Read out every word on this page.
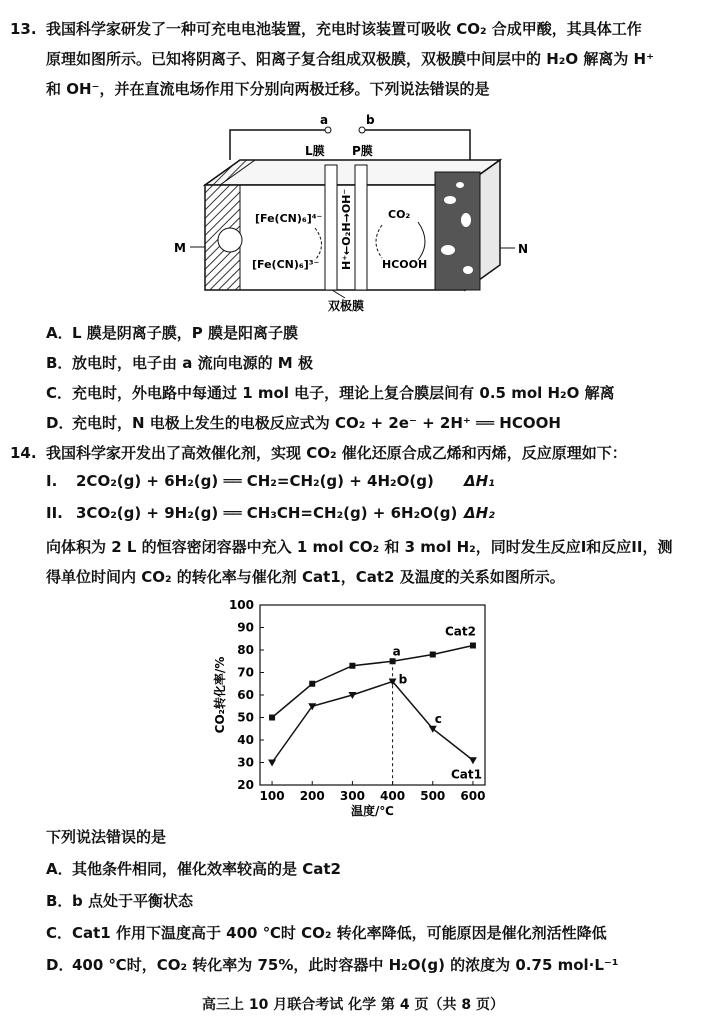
13. 我国科学家研发了一种可充电电池装置，充电时该装置可吸收 CO₂ 合成甲酸，其具体工作
原理如图所示。已知将阴离子、阳离子复合组成双极膜，双极膜中间层中的 H₂O 解离为 H⁺
和 OH⁻，并在直流电场作用下分别向两极迁移。下列说法错误的是
a	b
L膜 P膜
H⁺←O₂H→OH⁻
[Fe(CN)₆]⁴⁻
[Fe(CN)₆]³⁻
CO₂
HCOOH
M	N
双极膜
A．L 膜是阴离子膜，P 膜是阳离子膜
B．放电时，电子由 a 流向电源的 M 极
C．充电时，外电路中每通过 1 mol 电子，理论上复合膜层间有 0.5 mol H₂O 解离
D．充电时，N 电极上发生的电极反应式为 CO₂ + 2e⁻ + 2H⁺ ══ HCOOH
14. 我国科学家开发出了高效催化剂，实现 CO₂ 催化还原合成乙烯和丙烯，反应原理如下：
I. 2CO₂(g) + 6H₂(g) ══ CH₂=CH₂(g) + 4H₂O(g) ΔH₁
II. 3CO₂(g) + 9H₂(g) ══ CH₃CH=CH₂(g) + 6H₂O(g) ΔH₂
向体积为 2 L 的恒容密闭容器中充入 1 mol CO₂ 和 3 mol H₂，同时发生反应I和反应II，测
得单位时间内 CO₂ 的转化率与催化剂 Cat1，Cat2 及温度的关系如图所示。
20
30
40
50
60
70
80
90
100
100 200 300 400 500 600
温度/℃
CO₂转化率/%
Cat2
Cat1
a
b
c
下列说法错误的是
A．其他条件相同，催化效率较高的是 Cat2
B．b 点处于平衡状态
C．Cat1 作用下温度高于 400 ℃时 CO₂ 转化率降低，可能原因是催化剂活性降低
D．400 ℃时，CO₂ 转化率为 75%，此时容器中 H₂O(g) 的浓度为 0.75 mol·L⁻¹
高三上 10 月联合考试 化学 第 4 页（共 8 页）
